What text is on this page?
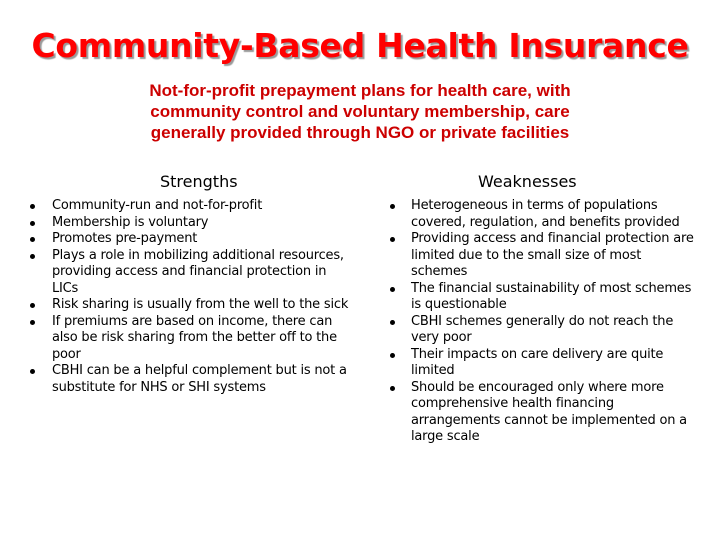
Community-Based Health Insurance
Not-for-profit prepayment plans for health care, with
community control and voluntary membership, care
generally provided through NGO or private facilities
Strengths	Weaknesses
Community-run and not-for-profit
Membership is voluntary
Promotes pre-payment
Plays a role in mobilizing additional resources, providing access and financial protection in LICs
Risk sharing is usually from the well to the sick
If premiums are based on income, there can also be risk sharing from the better off to the poor
CBHI can be a helpful complement but is not a substitute for NHS or SHI systems
Heterogeneous in terms of populations covered, regulation, and benefits provided
Providing access and financial protection are limited due to the small size of most schemes
The financial sustainability of most schemes is questionable
CBHI schemes generally do not reach the very poor
Their impacts on care delivery are quite limited
Should be encouraged only where more comprehensive health financing arrangements cannot be implemented on a large scale
